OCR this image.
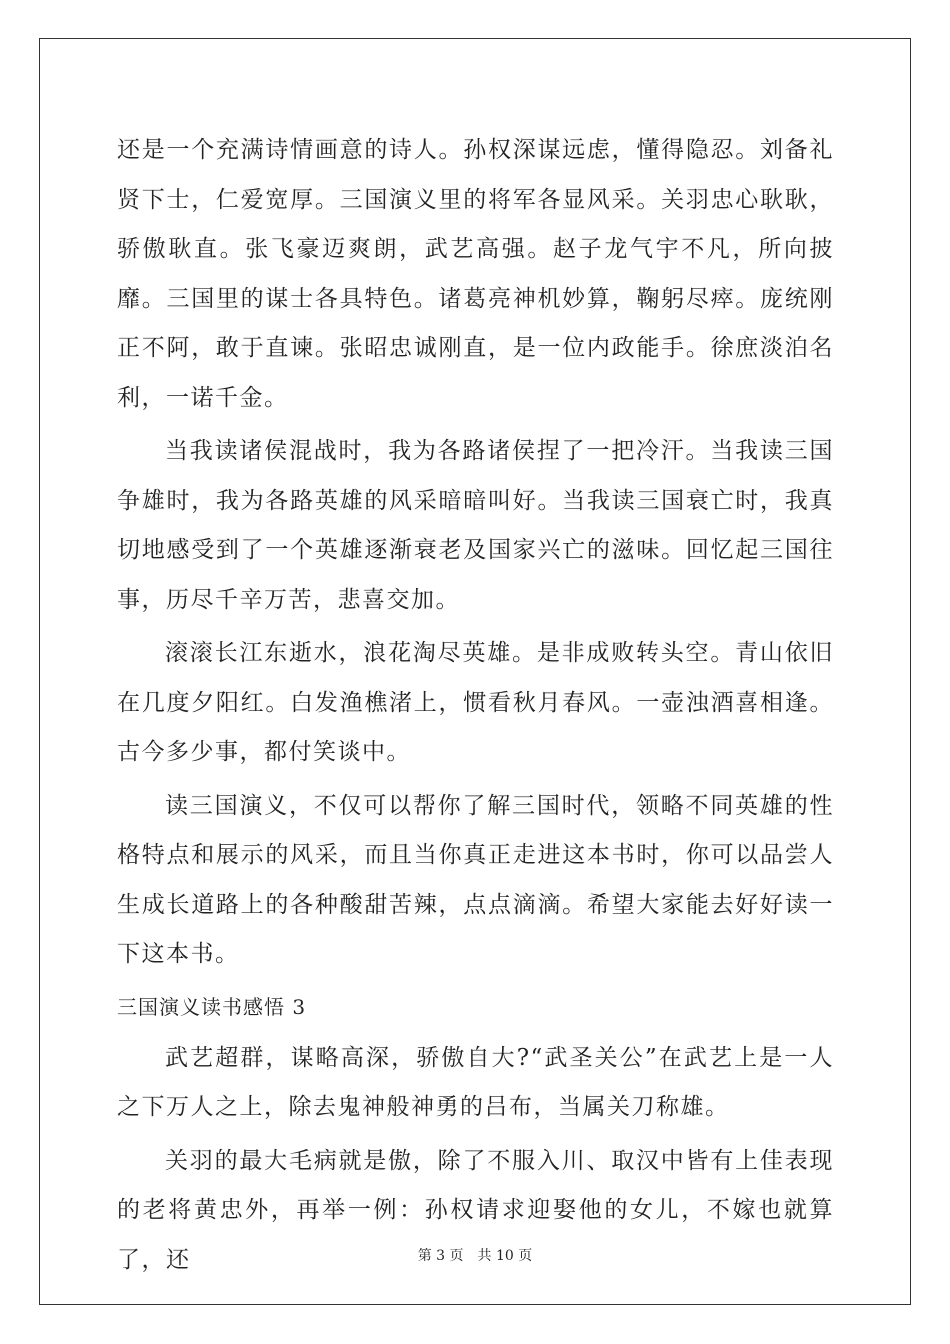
还是一个充满诗情画意的诗人。孙权深谋远虑，懂得隐忍。刘备礼贤下士，仁爱宽厚。三国演义里的将军各显风采。关羽忠心耿耿，骄傲耿直。张飞豪迈爽朗，武艺高强。赵子龙气宇不凡，所向披靡。三国里的谋士各具特色。诸葛亮神机妙算，鞠躬尽瘁。庞统刚正不阿，敢于直谏。张昭忠诚刚直，是一位内政能手。徐庶淡泊名利，一诺千金。

当我读诸侯混战时，我为各路诸侯捏了一把冷汗。当我读三国争雄时，我为各路英雄的风采暗暗叫好。当我读三国衰亡时，我真切地感受到了一个英雄逐渐衰老及国家兴亡的滋味。回忆起三国往事，历尽千辛万苦，悲喜交加。

滚滚长江东逝水，浪花淘尽英雄。是非成败转头空。青山依旧在几度夕阳红。白发渔樵渚上，惯看秋月春风。一壶浊酒喜相逢。古今多少事，都付笑谈中。

读三国演义，不仅可以帮你了解三国时代，领略不同英雄的性格特点和展示的风采，而且当你真正走进这本书时，你可以品尝人生成长道路上的各种酸甜苦辣，点点滴滴。希望大家能去好好读一下这本书。

三国演义读书感悟 3

武艺超群，谋略高深，骄傲自大?“武圣关公”在武艺上是一人之下万人之上，除去鬼神般神勇的吕布，当属关刀称雄。

关羽的最大毛病就是傲，除了不服入川、取汉中皆有上佳表现的老将黄忠外，再举一例：孙权请求迎娶他的女儿，不嫁也就算了，还	第 3 页 共 10 页
